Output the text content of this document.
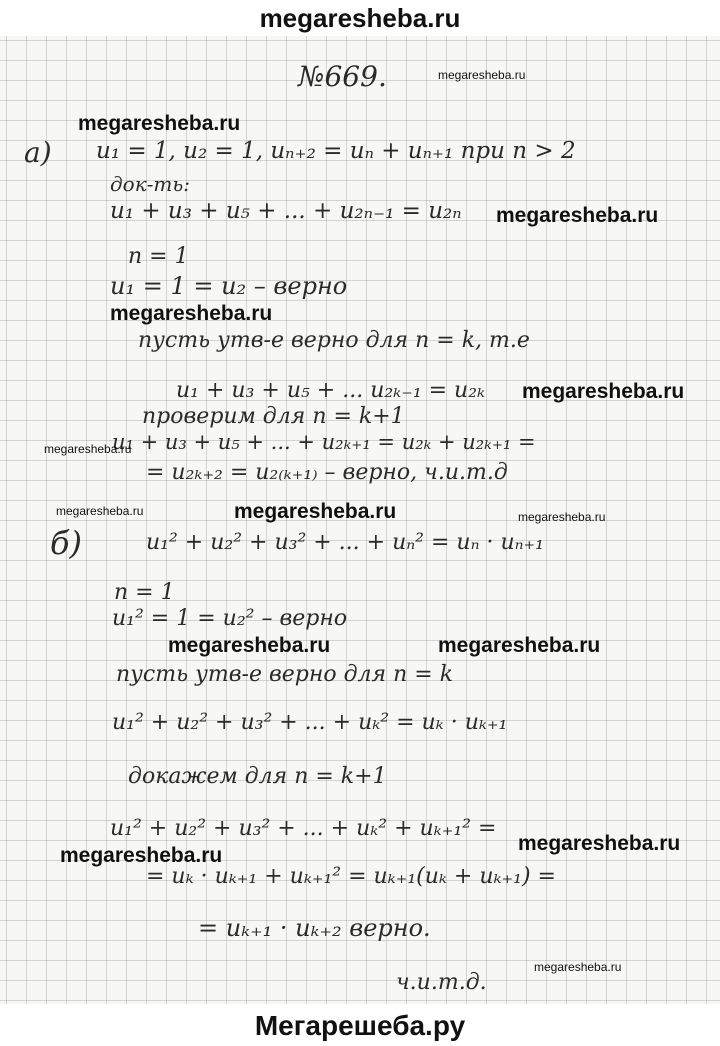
megaresheba.ru
№669.
а) u₁ = 1, u₂ = 1, uₙ₊₂ = uₙ + uₙ₊₁ при n > 2
док-ть:
u₁ + u₃ + u₅ + ... + u₂ₙ₋₁ = u₂ₙ
n = 1
u₁ = 1 = u₂ – верно
пусть утв-е верно для n = k, т.е
u₁ + u₃ + u₅ + ... u₂ₖ₋₁ = u₂ₖ
проверим для n = k+1
u₁ + u₃ + u₅ + ... + u₂ₖ₊₁ = u₂ₖ + u₂ₖ₊₁ =
= u₂ₖ₊₂ = u₂₍ₖ₊₁₎ – верно, ч.и.т.д
б)	u₁² + u₂² + u₃² + ... + uₙ² = uₙ · uₙ₊₁
n = 1
u₁² = 1 = u₂² – верно
пусть утв-е верно для n = k
u₁² + u₂² + u₃² + ... + uₖ² = uₖ · uₖ₊₁
докажем для n = k+1
u₁² + u₂² + u₃² + ... + uₖ² + uₖ₊₁² =
= uₖ · uₖ₊₁ + uₖ₊₁² = uₖ₊₁(uₖ + uₖ₊₁) =
= uₖ₊₁ · uₖ₊₂ верно.
ч.и.т.д.
megaresheba.ru
megaresheba.ru
megaresheba.ru
megaresheba.ru
megaresheba.ru
megaresheba.ru
megaresheba.ru	megaresheba.ru	megaresheba.ru
megaresheba.ru	megaresheba.ru
megaresheba.ru
megaresheba.ru
megaresheba.ru
Мегарешеба.ру
